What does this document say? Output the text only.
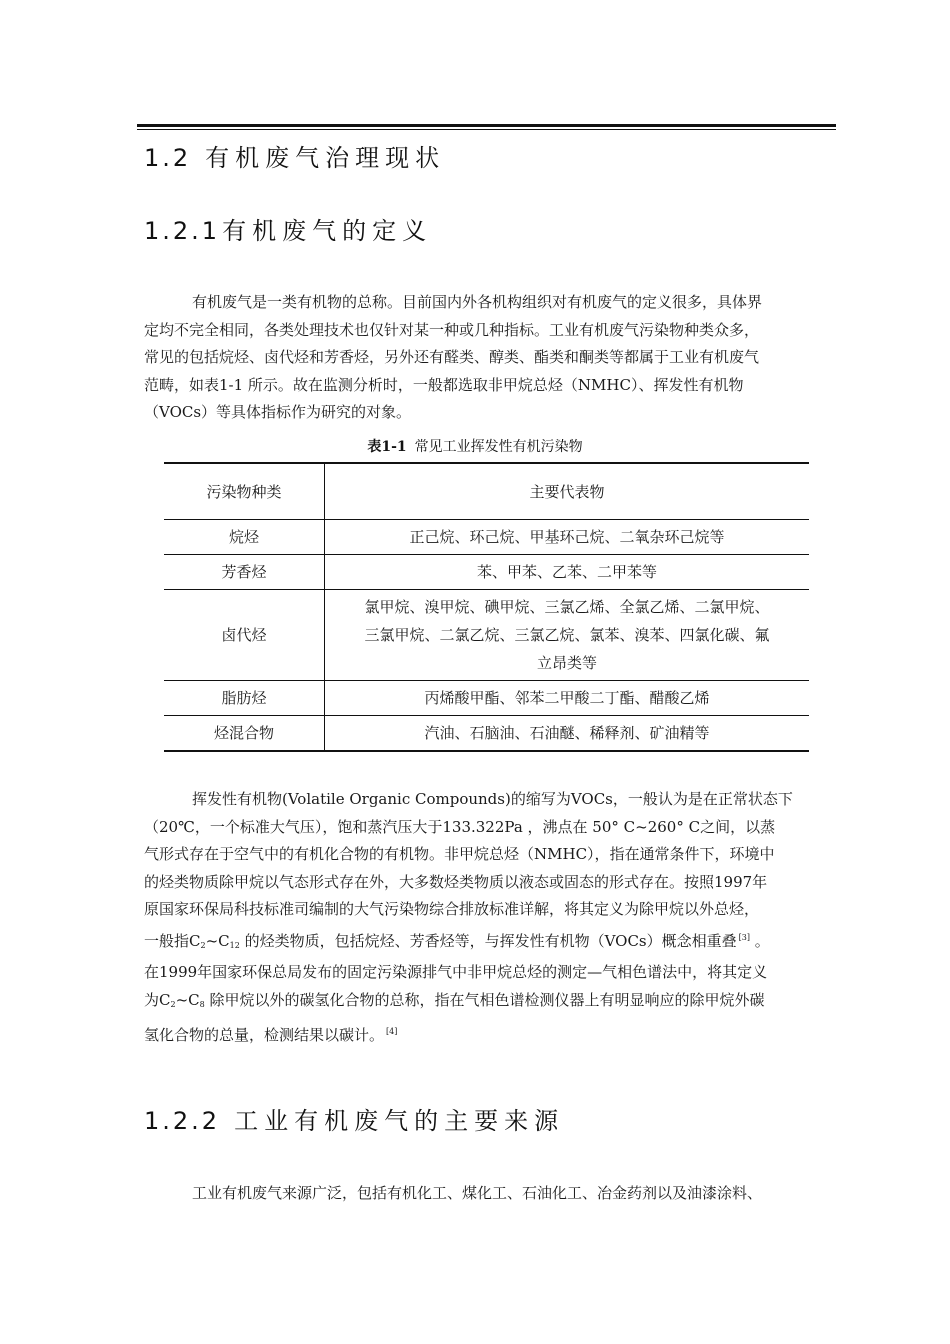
1.2 有机废气治理现状
1.2.1有机废气的定义
有机废气是一类有机物的总称。目前国内外各机构组织对有机废气的定义很多，具体界
定均不完全相同，各类处理技术也仅针对某一种或几种指标。工业有机废气污染物种类众多，
常见的包括烷烃、卤代烃和芳香烃，另外还有醛类、醇类、酯类和酮类等都属于工业有机废气
范畴，如表1-1 所示。故在监测分析时，一般都选取非甲烷总烃（NMHC）、挥发性有机物
（VOCs）等具体指标作为研究的对象。
表1-1 常见工业挥发性有机污染物
污染物种类	主要代表物
烷烃	正己烷、环己烷、甲基环己烷、二氧杂环己烷等
芳香烃	苯、甲苯、乙苯、二甲苯等
卤代烃	氯甲烷、溴甲烷、碘甲烷、三氯乙烯、全氯乙烯、二氯甲烷、
三氯甲烷、二氯乙烷、三氯乙烷、氯苯、溴苯、四氯化碳、氟
立昂类等

脂肪烃	丙烯酸甲酯、邻苯二甲酸二丁酯、醋酸乙烯
烃混合物	汽油、石脑油、石油醚、稀释剂、矿油精等
挥发性有机物(Volatile Organic Compounds)的缩写为VOCs，一般认为是在正常状态下
（20℃，一个标准大气压），饱和蒸汽压大于133.322Pa ，沸点在 50° C~260° C之间，以蒸
气形式存在于空气中的有机化合物的有机物。非甲烷总烃（NMHC），指在通常条件下，环境中
的烃类物质除甲烷以气态形式存在外，大多数烃类物质以液态或固态的形式存在。按照1997年
原国家环保局科技标准司编制的大气污染物综合排放标准详解，将其定义为除甲烷以外总烃，
一般指$C_2\sim C_{12}$ 的烃类物质，包括烷烃、芳香烃等，与挥发性有机物（VOCs）概念相重叠 [3] 。
在1999年国家环保总局发布的固定污染源排气中非甲烷总烃的测定—气相色谱法中，将其定义
为$C_2\sim C_8$ 除甲烷以外的碳氢化合物的总称，指在气相色谱检测仪器上有明显响应的除甲烷外碳
氢化合物的总量，检测结果以碳计。 [4]
1.2.2 工业有机废气的主要来源
工业有机废气来源广泛，包括有机化工、煤化工、石油化工、冶金药剂以及油漆涂料、
